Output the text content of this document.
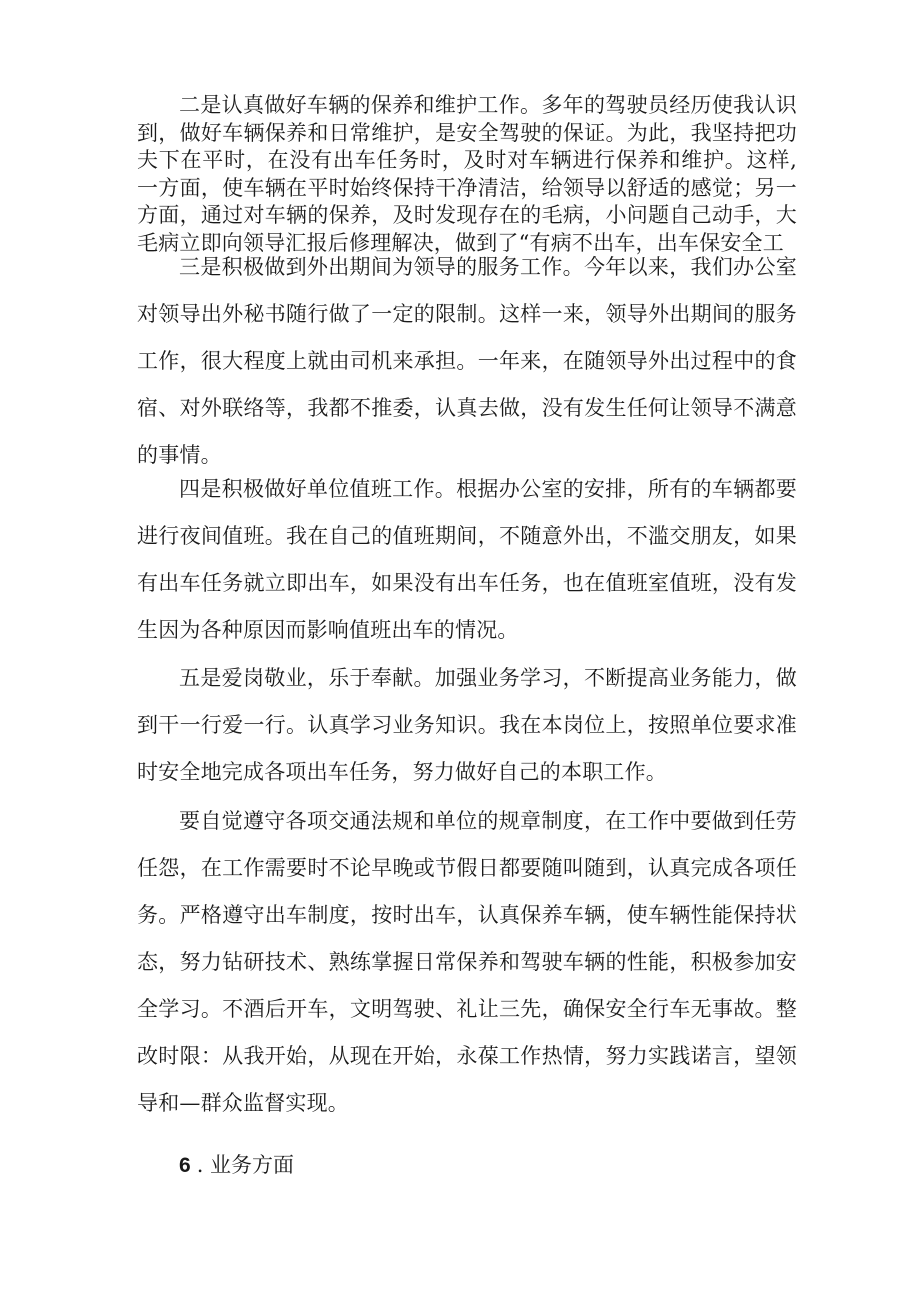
二是认真做好车辆的保养和维护工作。多年的驾驶员经历使我认识到，做好车辆保养和日常维护，是安全驾驶的保证。为此，我坚持把功夫下在平时，在没有出车任务时，及时对车辆进行保养和维护。这样,一方面，使车辆在平时始终保持干净清洁，给领导以舒适的感觉；另一方面，通过对车辆的保养，及时发现存在的毛病，小问题自己动手，大毛病立即向领导汇报后修理解决，做到了“有病不出车，出车保安全工

三是积极做到外出期间为领导的服务工作。今年以来，我们办公室对领导出外秘书随行做了一定的限制。这样一来，领导外出期间的服务工作，很大程度上就由司机来承担。一年来，在随领导外出过程中的食宿、对外联络等，我都不推委，认真去做，没有发生任何让领导不满意的事情。

四是积极做好单位值班工作。根据办公室的安排，所有的车辆都要进行夜间值班。我在自己的值班期间，不随意外出，不滥交朋友，如果有出车任务就立即出车，如果没有出车任务，也在值班室值班，没有发生因为各种原因而影响值班出车的情况。

五是爱岗敬业，乐于奉献。加强业务学习，不断提高业务能力，做到干一行爱一行。认真学习业务知识。我在本岗位上，按照单位要求准时安全地完成各项出车任务，努力做好自己的本职工作。

要自觉遵守各项交通法规和单位的规章制度，在工作中要做到任劳任怨，在工作需要时不论早晚或节假日都要随叫随到，认真完成各项任务。严格遵守出车制度，按时出车，认真保养车辆，使车辆性能保持状态，努力钻研技术、熟练掌握日常保养和驾驶车辆的性能，积极参加安全学习。不酒后开车，文明驾驶、礼让三先，确保安全行车无事故。整改时限：从我开始，从现在开始，永葆工作热情，努力实践诺言，望领导和—群众监督实现。

6 . 业务方面
